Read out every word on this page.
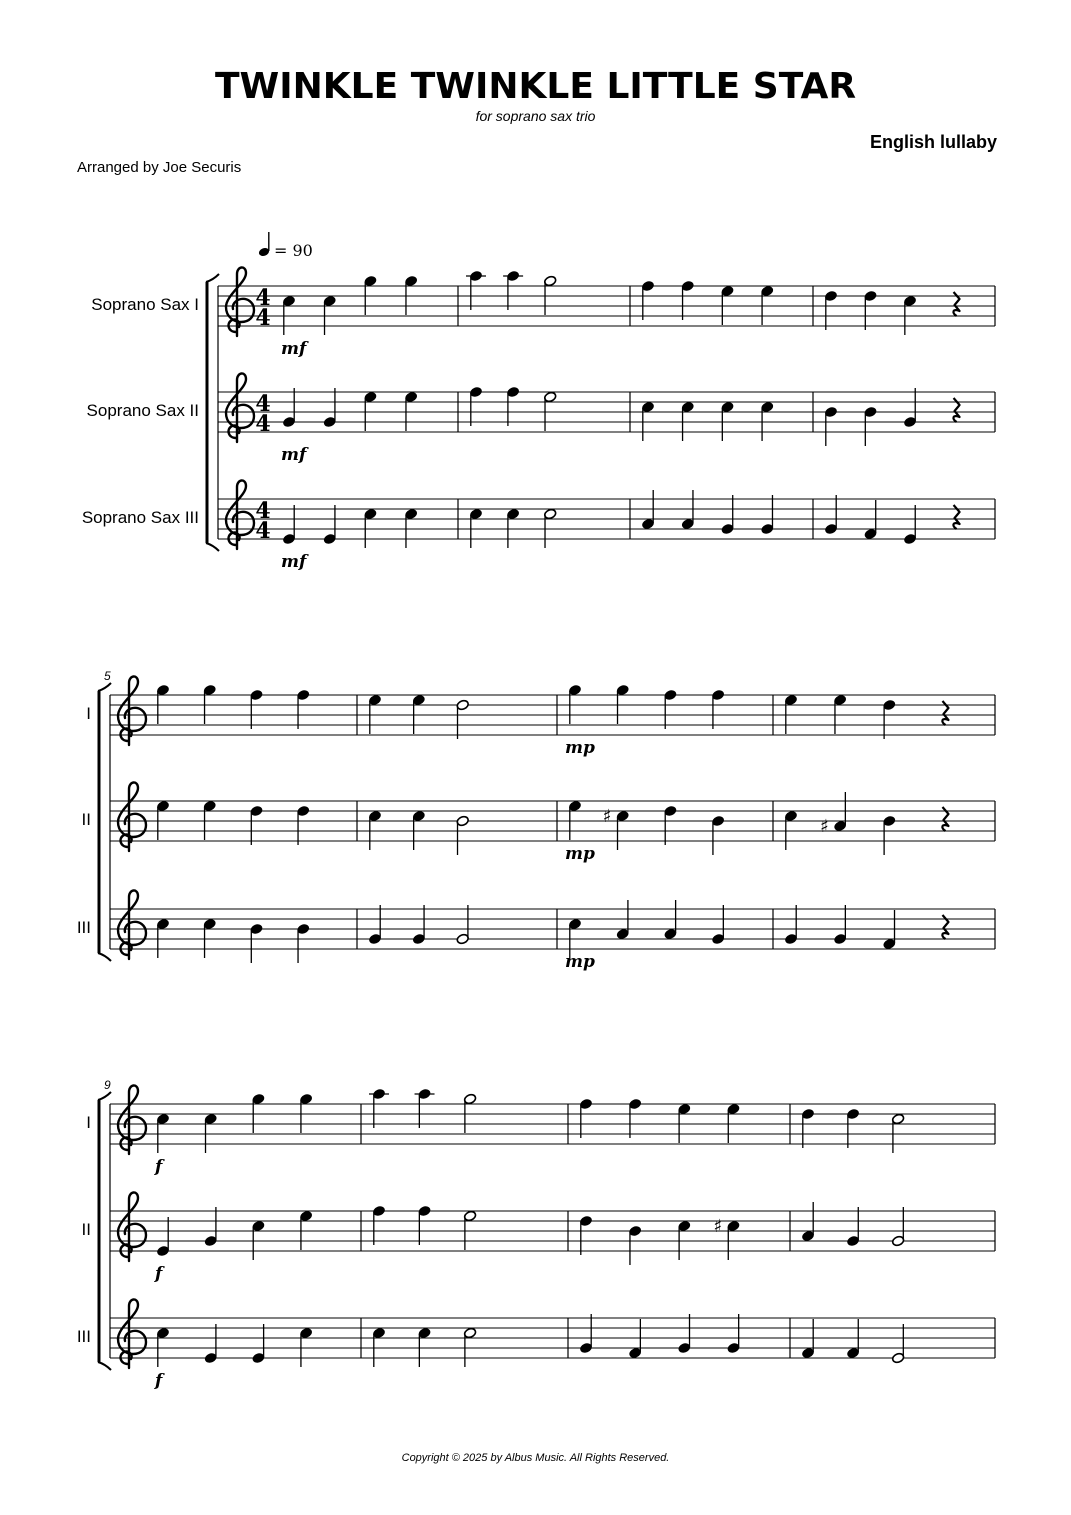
TWINKLE TWINKLE LITTLE STAR
for soprano sax trio
English lullaby
Arranged by Joe Securis
Copyright © 2025 by Albus Music. All Rights Reserved.
= 90
Soprano Sax I	4
4
mf
Soprano Sax II	4
4
mf
Soprano Sax III	4
4
mf
5
I
mp
II	♯	♯
mp
III
mp
9
I
f
II	♯
f
III
f
